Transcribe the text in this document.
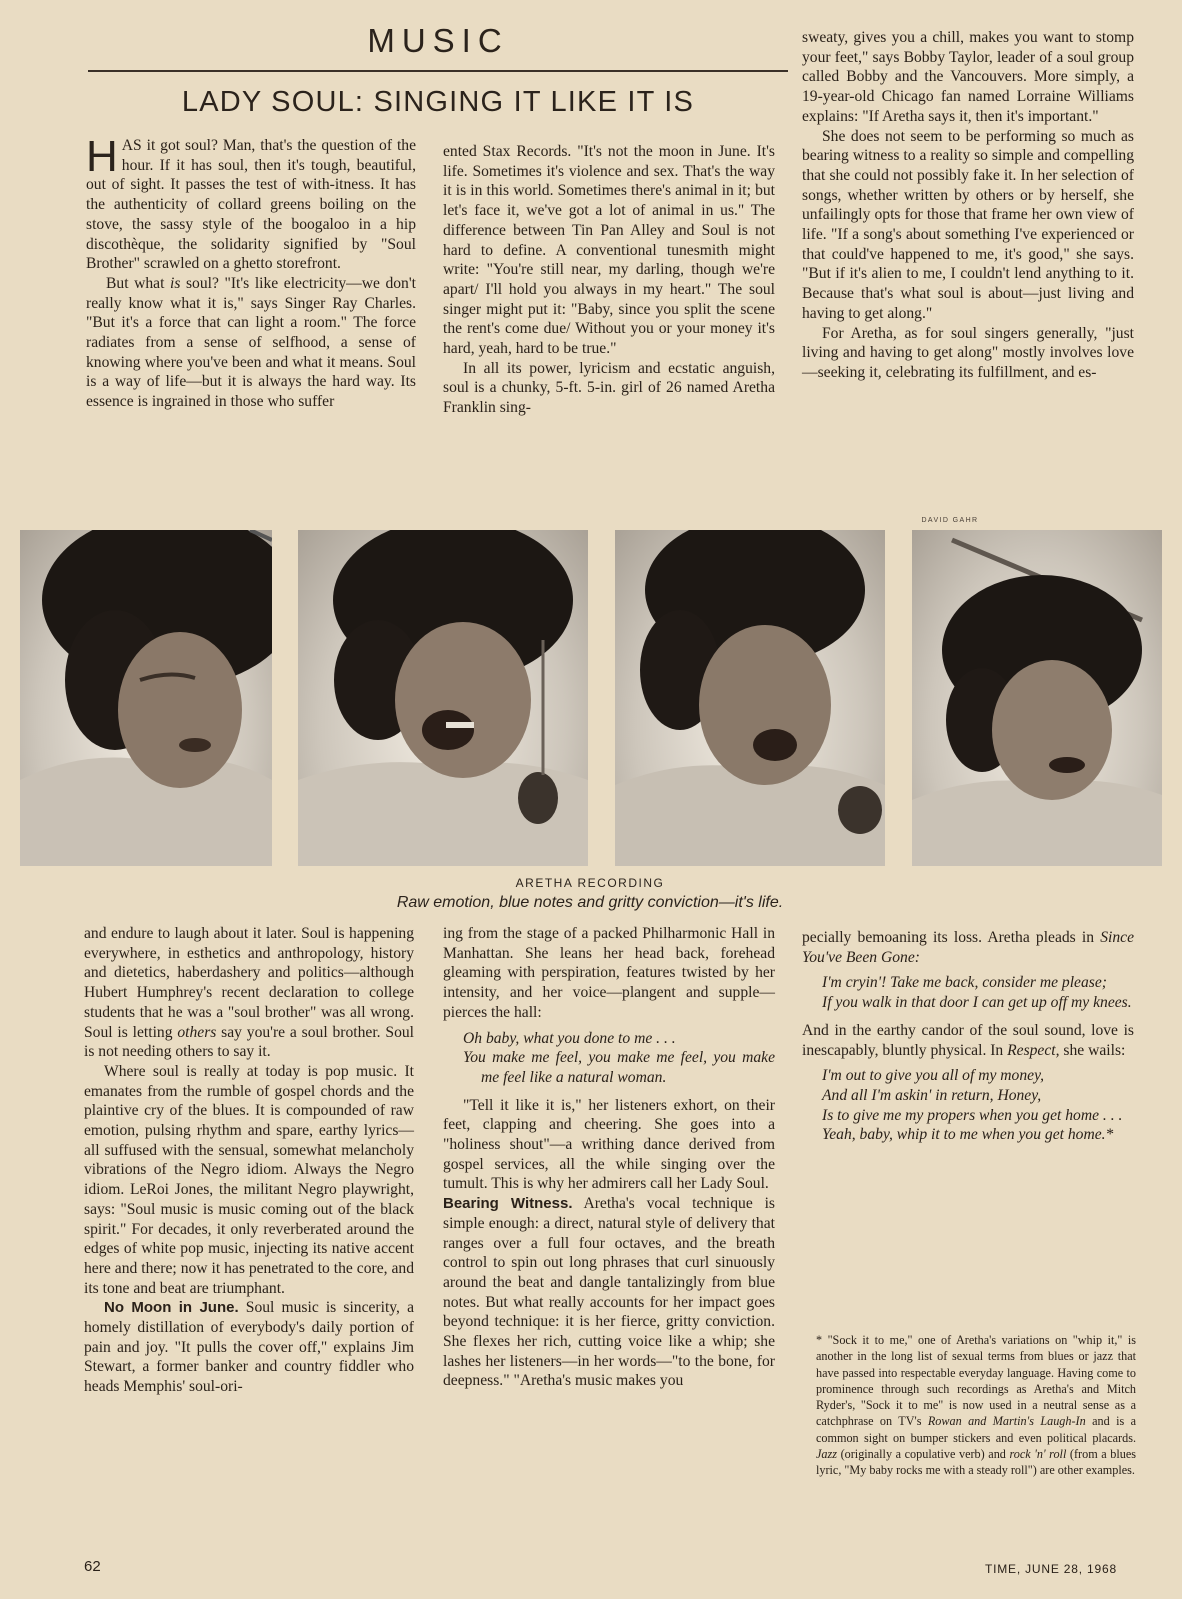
MUSIC
LADY SOUL: SINGING IT LIKE IT IS

HAS it got soul? Man, that's the question of the hour. If it has soul, then it's tough, beautiful, out of sight. It passes the test of with-itness. It has the authenticity of collard greens boiling on the stove, the sassy style of the boogaloo in a hip discothèque, the solidarity signified by "Soul Brother" scrawled on a ghetto storefront.

But what is soul? "It's like electricity—we don't really know what it is," says Singer Ray Charles. "But it's a force that can light a room." The force radiates from a sense of selfhood, a sense of knowing where you've been and what it means. Soul is a way of life—but it is always the hard way. Its essence is ingrained in those who suffer

ented Stax Records. "It's not the moon in June. It's life. Sometimes it's violence and sex. That's the way it is in this world. Sometimes there's animal in it; but let's face it, we've got a lot of animal in us." The difference between Tin Pan Alley and Soul is not hard to define. A conventional tunesmith might write: "You're still near, my darling, though we're apart/ I'll hold you always in my heart." The soul singer might put it: "Baby, since you split the scene the rent's come due/ Without you or your money it's hard, yeah, hard to be true."

In all its power, lyricism and ecstatic anguish, soul is a chunky, 5-ft. 5-in. girl of 26 named Aretha Franklin sing-

sweaty, gives you a chill, makes you want to stomp your feet," says Bobby Taylor, leader of a soul group called Bobby and the Vancouvers. More simply, a 19-year-old Chicago fan named Lorraine Williams explains: "If Aretha says it, then it's important."

She does not seem to be performing so much as bearing witness to a reality so simple and compelling that she could not possibly fake it. In her selection of songs, whether written by others or by herself, she unfailingly opts for those that frame her own view of life. "If a song's about something I've experienced or that could've happened to me, it's good," she says. "But if it's alien to me, I couldn't lend anything to it. Because that's what soul is about—just living and having to get along."

For Aretha, as for soul singers generally, "just living and having to get along" mostly involves love—seeking it, celebrating its fulfillment, and es-

DAVID GAHR
ARETHA RECORDING
Raw emotion, blue notes and gritty conviction—it's life.

and endure to laugh about it later. Soul is happening everywhere, in esthetics and anthropology, history and dietetics, haberdashery and politics—although Hubert Humphrey's recent declaration to college students that he was a "soul brother" was all wrong. Soul is letting others say you're a soul brother. Soul is not needing others to say it.

Where soul is really at today is pop music. It emanates from the rumble of gospel chords and the plaintive cry of the blues. It is compounded of raw emotion, pulsing rhythm and spare, earthy lyrics—all suffused with the sensual, somewhat melancholy vibrations of the Negro idiom. Always the Negro idiom. LeRoi Jones, the militant Negro playwright, says: "Soul music is music coming out of the black spirit." For decades, it only reverberated around the edges of white pop music, injecting its native accent here and there; now it has penetrated to the core, and its tone and beat are triumphant.

No Moon in June. Soul music is sincerity, a homely distillation of everybody's daily portion of pain and joy. "It pulls the cover off," explains Jim Stewart, a former banker and country fiddler who heads Memphis' soul-ori-

ing from the stage of a packed Philharmonic Hall in Manhattan. She leans her head back, forehead gleaming with perspiration, features twisted by her intensity, and her voice—plangent and supple—pierces the hall:

Oh baby, what you done to me . . .
You make me feel, you make me feel, you make me feel like a natural woman.

"Tell it like it is," her listeners exhort, on their feet, clapping and cheering. She goes into a "holiness shout"—a writhing dance derived from gospel services, all the while singing over the tumult. This is why her admirers call her Lady Soul.

Bearing Witness. Aretha's vocal technique is simple enough: a direct, natural style of delivery that ranges over a full four octaves, and the breath control to spin out long phrases that curl sinuously around the beat and dangle tantalizingly from blue notes. But what really accounts for her impact goes beyond technique: it is her fierce, gritty conviction. She flexes her rich, cutting voice like a whip; she lashes her listeners—in her words—"to the bone, for deepness." "Aretha's music makes you

pecially bemoaning its loss. Aretha pleads in Since You've Been Gone:

I'm cryin'! Take me back, consider me please;
If you walk in that door I can get up off my knees.

And in the earthy candor of the soul sound, love is inescapably, bluntly physical. In Respect, she wails:

I'm out to give you all of my money,
And all I'm askin' in return, Honey,
Is to give me my propers when you get home . . .
Yeah, baby, whip it to me when you get home.*
* "Sock it to me," one of Aretha's variations on "whip it," is another in the long list of sexual terms from blues or jazz that have passed into respectable everyday language. Having come to prominence through such recordings as Aretha's and Mitch Ryder's, "Sock it to me" is now used in a neutral sense as a catchphrase on TV's Rowan and Martin's Laugh-In and is a common sight on bumper stickers and even political placards. Jazz (originally a copulative verb) and rock 'n' roll (from a blues lyric, "My baby rocks me with a steady roll") are other examples.
62	TIME, JUNE 28, 1968
